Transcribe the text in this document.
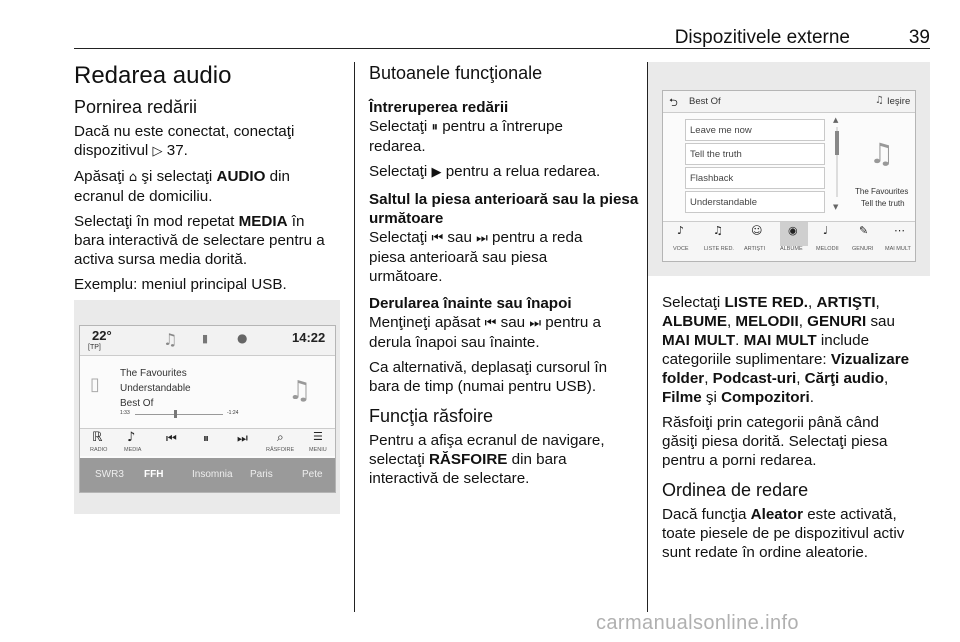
Dispozitivele externe	39
Redarea audio
Pornirea redării

Dacă nu este conectat, conectaţi
dispozitivul ▷ 37.

Apăsaţi ⌂ şi selectaţi AUDIO din
ecranul de domiciliu.

Selectaţi în mod repetat MEDIA în
bara interactivă de selectare pentru a
activa sursa media dorită.

Exemplu: meniul principal USB.

22°
[TP]	♫ ▮ ●	14:22
▯
The Favourites
Understandable
Best Of
1:33	-1:24
♫
ℝ ♪	⏮ ⏸ ⏭ ⌕	☰
RADIO	MEDIA	RĂSFOIRE	MENIU
SWR3 FFH	Insomnia Paris	Pete
Butoanele funcţionale
Întreruperea redării

Selectaţi ⏸ pentru a întrerupe
redarea.

Selectaţi ▶ pentru a relua redarea.

Saltul la piesa anterioară sau la piesa
următoare

Selectaţi ⏮ sau ⏭ pentru a reda
piesa anterioară sau piesa
următoare.

Derularea înainte sau înapoi

Menţineţi apăsat ⏮ sau ⏭ pentru a
derula înapoi sau înainte.

Ca alternativă, deplasaţi cursorul în
bara de timp (numai pentru USB).

Funcţia răsfoire

Pentru a afişa ecranul de navigare,
selectaţi RĂSFOIRE din bara
interactivă de selectare.

⮌ Best Of	♫ Ieşire
Leave me now
Tell the truth
Flashback
Understandable
▲
▼
♫
The Favourites
Tell the truth
♪	♫	☺ ◉ ♩	✎ ⋯
VOCE	LISTE RED. ARTIŞTI	ALBUME MELODII GENURI MAI MULT

Selectaţi LISTE RED., ARTIŞTI,
ALBUME, MELODII, GENURI sau
MAI MULT. MAI MULT include
categoriile suplimentare: Vizualizare
folder, Podcast-uri, Cărţi audio,
Filme şi Compozitori.

Răsfoiţi prin categorii până când
găsiţi piesa dorită. Selectaţi piesa
pentru a porni redarea.

Ordinea de redare

Dacă funcţia Aleator este activată,
toate piesele de pe dispozitivul activ
sunt redate în ordine aleatorie.

carmanualsonline.info
